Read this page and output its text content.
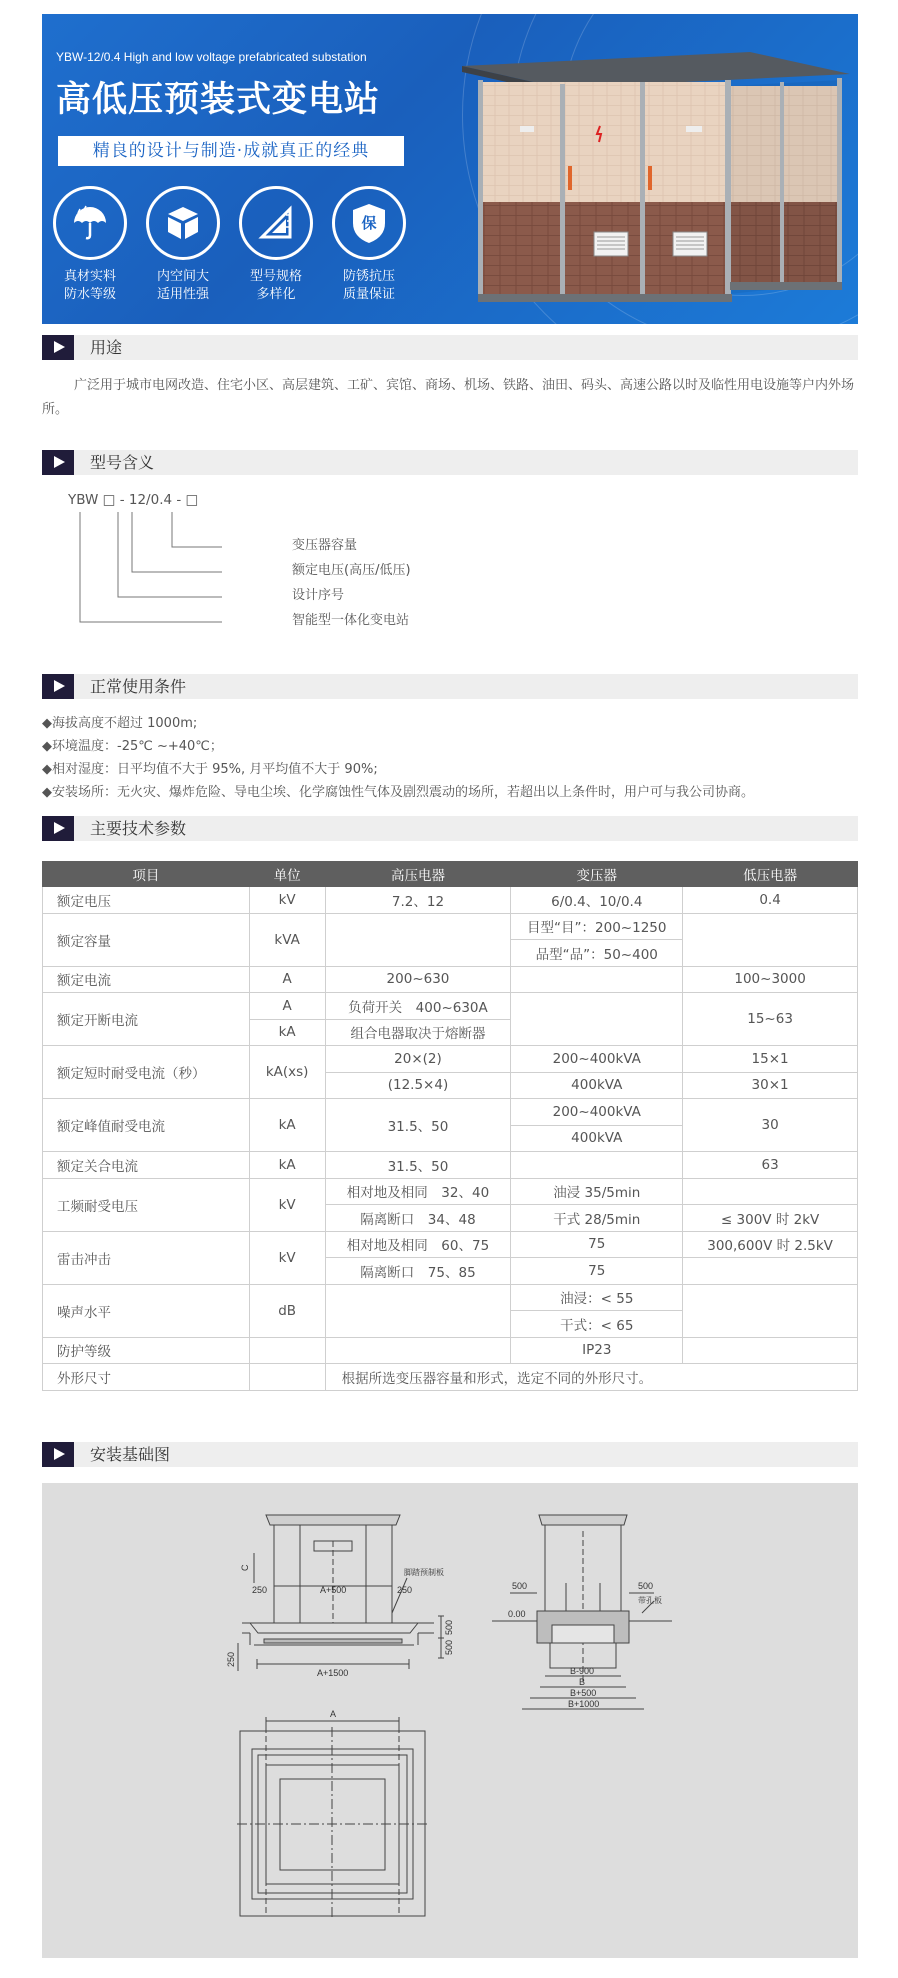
YBW-12/0.4 High and low voltage prefabricated substation
高低压预装式变电站
精良的设计与制造·成就真正的经典
真材实料
防水等级
内空间大
适用性强
型号规格
多样化
保
防锈抗压
质量保证
用途
广泛用于城市电网改造、住宅小区、高层建筑、工矿、宾馆、商场、机场、铁路、油田、码头、高速公路以时及临性用电设施等户内外场所。
型号含义
YBW □ - 12/0.4 - □
变压器容量
额定电压(高压/低压)
设计序号
智能型一体化变电站
正常使用条件
◆海拔高度不超过 1000m;
◆环境温度：-25℃ ~+40℃；
◆相对湿度：日平均值不大于 95%, 月平均值不大于 90%;
◆安装场所：无火灾、爆炸危险、导电尘埃、化学腐蚀性气体及剧烈震动的场所，若超出以上条件时，用户可与我公司协商。
主要技术参数
项目	单位	高压电器	变压器	低压电器
额定电压	kV	7.2、12	6/0.4、10/0.4	0.4
额定容量	kVA		目型“目”：200~1250	
			品型“品”：50~400	
额定电流	A	200~630		100~3000
额定开断电流	A	负荷开关　400~630A		15~63
	kA	组合电器取决于熔断器		
额定短时耐受电流（秒）	kA(xs)	20×(2)	200~400kVA	15×1
		(12.5×4)	400kVA	30×1
额定峰值耐受电流	kA	31.5、50	200~400kVA	30
			400kVA	
额定关合电流	kA	31.5、50		63
工频耐受电压	kV	相对地及相同　32、40	油浸 35/5min	
		隔离断口　34、48	干式 28/5min	≤ 300V 时 2kV
雷击冲击	kV	相对地及相同　60、75	75	300,600V 时 2.5kV
		隔离断口　75、85	75	
噪声水平	dB		油浸：< 55	
			干式：< 65	
防护等级			IP23	
外形尺寸		根据所选变压器容量和形式，选定不同的外形尺寸。		
安装基础图
C
250	A+500	250
脚踏预制板
500
500
250
A+1500
500	500
0.00
带孔板
B-900
B
B+500
B+1000
A
